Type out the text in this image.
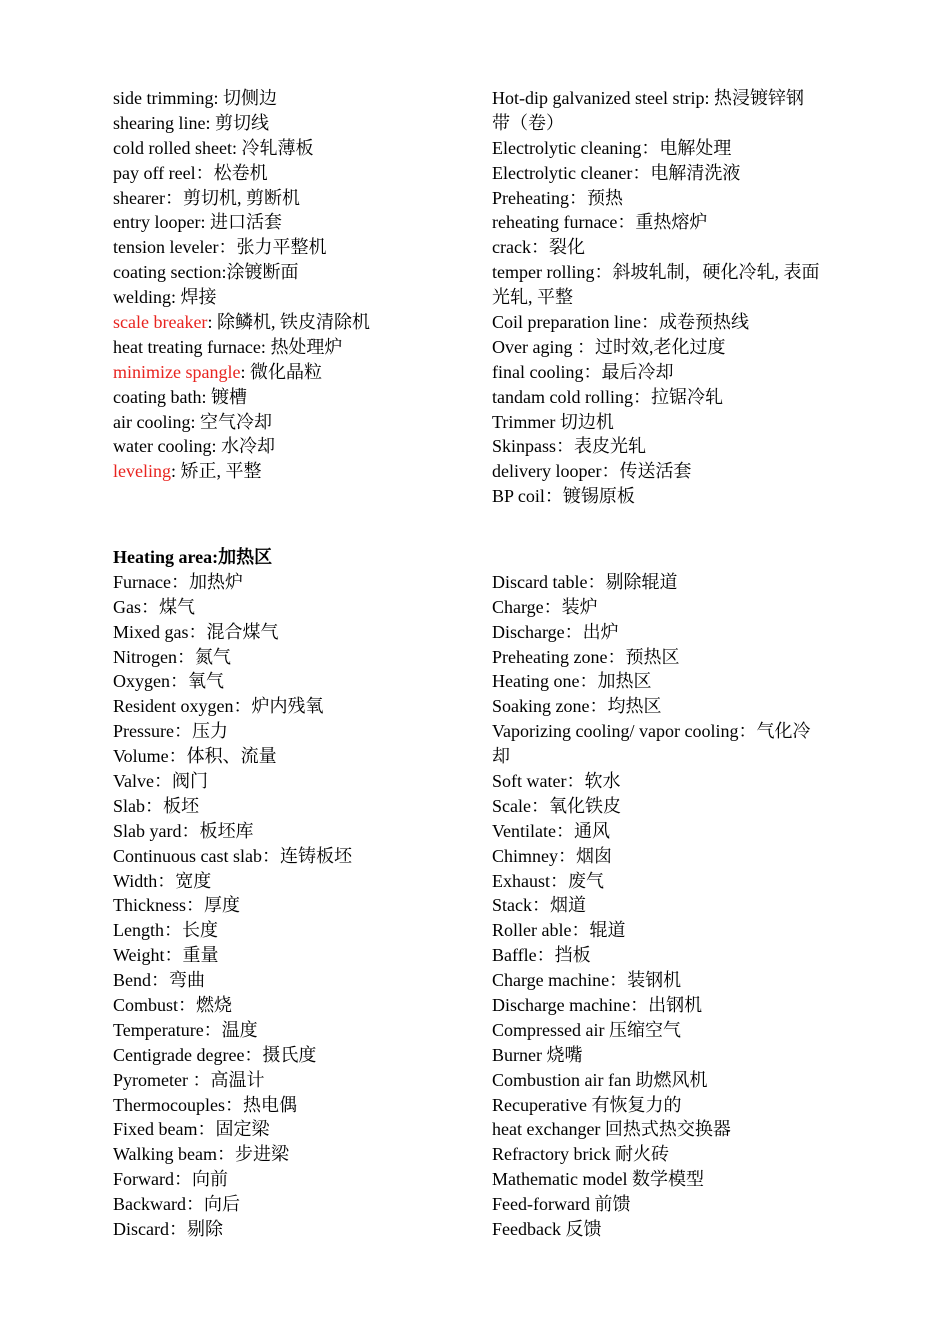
side trimming: 切侧边
shearing line: 剪切线
cold rolled sheet: 冷轧薄板
pay off reel：松卷机
shearer：剪切机, 剪断机
entry looper: 进口活套
tension leveler：张力平整机
coating section:涂镀断面
welding: 焊接
scale breaker: 除鳞机, 铁皮清除机
heat treating furnace: 热处理炉
minimize spangle: 微化晶粒
coating bath: 镀槽
air cooling: 空气冷却
water cooling: 水冷却
leveling: 矫正, 平整
Hot-dip galvanized steel strip: 热浸镀锌钢
带（卷）
Electrolytic cleaning：电解处理
Electrolytic cleaner：电解清洗液
Preheating：预热
reheating furnace：重热熔炉
crack：裂化
temper rolling：斜坡轧制，硬化冷轧, 表面
光轧, 平整
Coil preparation line：成卷预热线
Over aging ：过时效,老化过度
final cooling：最后冷却
tandam cold rolling：拉锯冷轧
Trimmer 切边机
Skinpass：表皮光轧
delivery looper：传送活套
BP coil：镀锡原板
Heating area:加热区
Furnace：加热炉
Gas：煤气
Mixed gas：混合煤气
Nitrogen：氮气
Oxygen：氧气
Resident oxygen：炉内残氧
Pressure：压力
Volume：体积、流量
Valve：阀门
Slab：板坯
Slab yard：板坯库
Continuous cast slab：连铸板坯
Width：宽度
Thickness：厚度
Length：长度
Weight：重量
Bend：弯曲
Combust：燃烧
Temperature：温度
Centigrade degree：摄氏度
Pyrometer ：高温计
Thermocouples：热电偶
Fixed beam：固定梁
Walking beam：步进梁
Forward：向前
Backward：向后
Discard：剔除
Discard table：剔除辊道
Charge：装炉
Discharge：出炉
Preheating zone：预热区
Heating one：加热区
Soaking zone：均热区
Vaporizing cooling/ vapor cooling：气化冷
却
Soft water：软水
Scale：氧化铁皮
Ventilate：通风
Chimney：烟囱
Exhaust：废气
Stack：烟道
Roller able：辊道
Baffle：挡板
Charge machine：装钢机
Discharge machine：出钢机
Compressed air 压缩空气
Burner 烧嘴
Combustion air fan 助燃风机
Recuperative 有恢复力的
heat exchanger 回热式热交换器
Refractory brick 耐火砖
Mathematic model 数学模型
Feed-forward 前馈
Feedback 反馈
